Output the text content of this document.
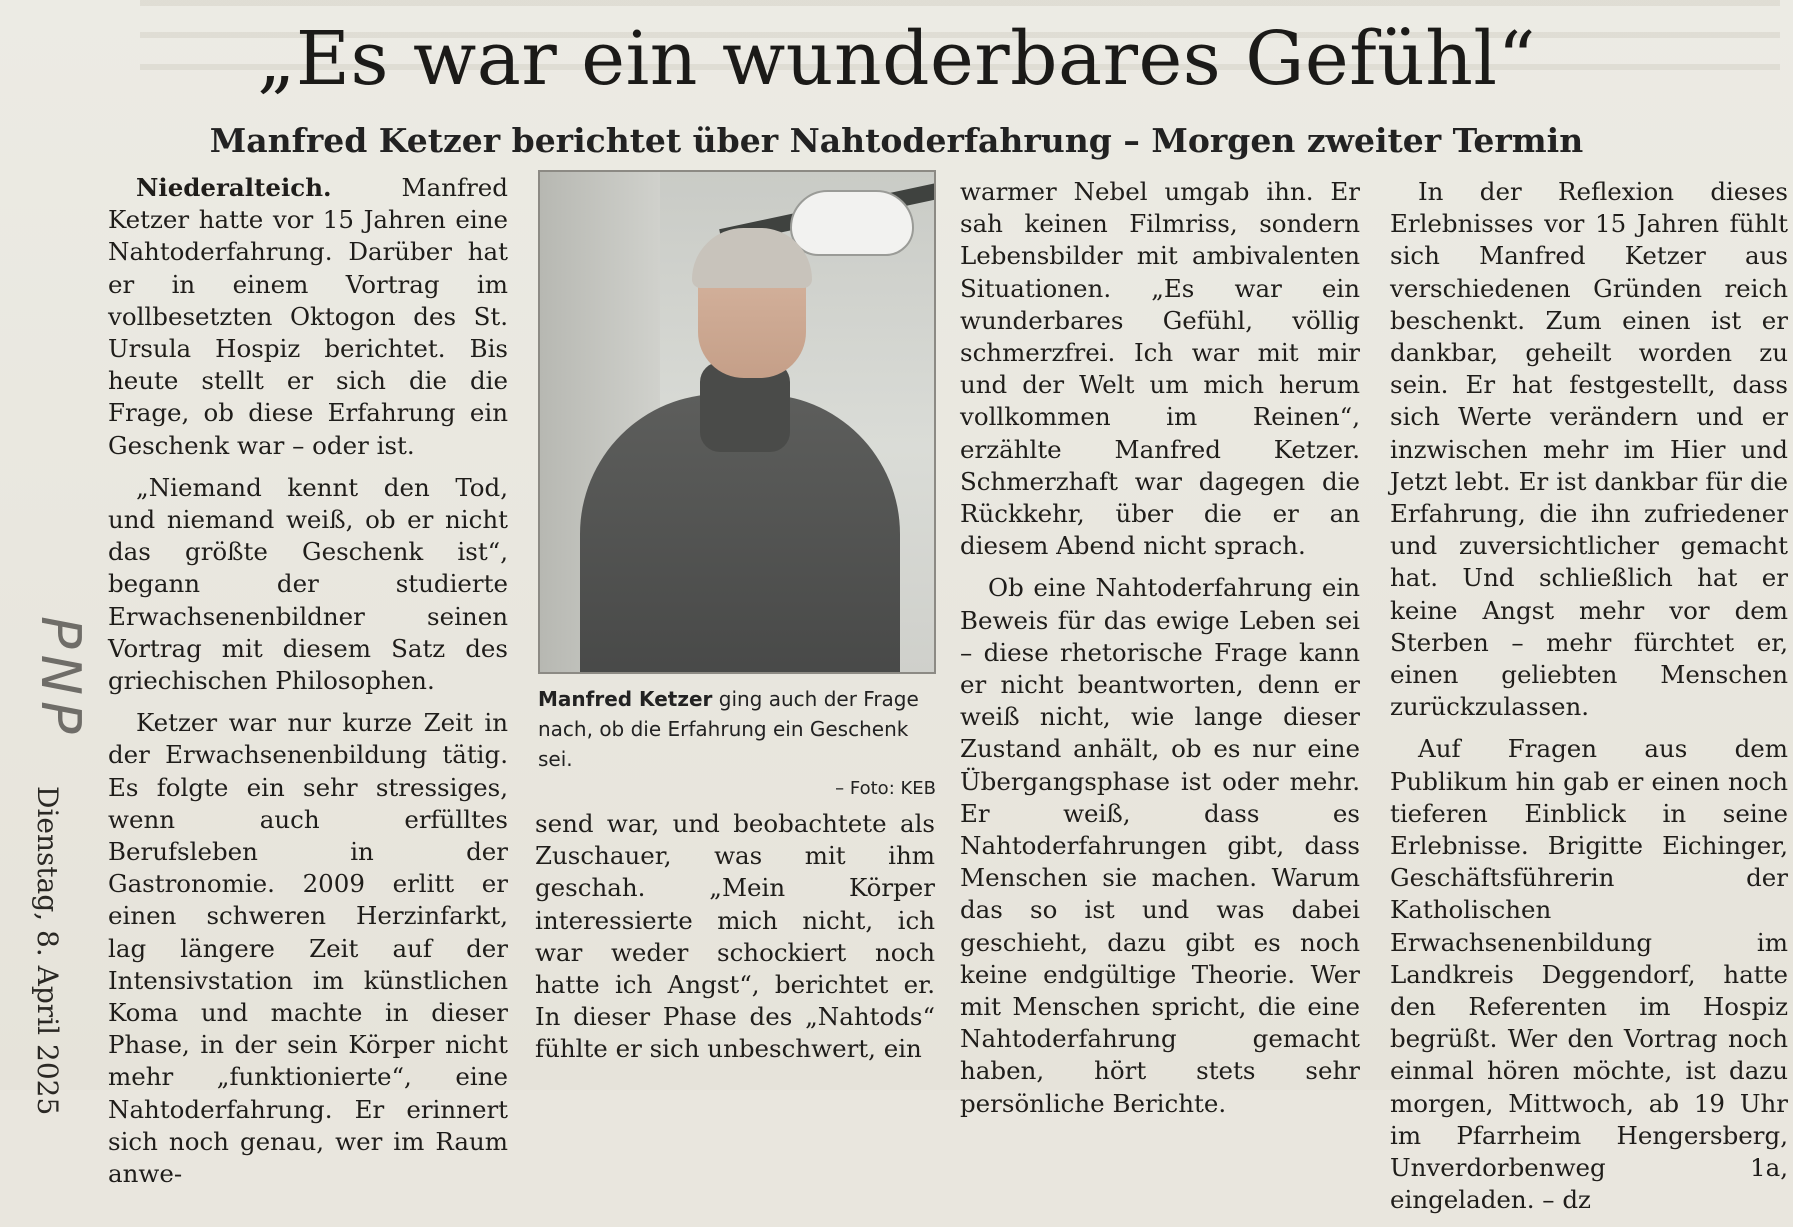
„Es war ein wunderbares Gefühl“
Manfred Ketzer berichtet über Nahtoderfahrung – Morgen zweiter Termin

Niederalteich. Manfred Ketzer hatte vor 15 Jahren eine Nahtoderfahrung. Darüber hat er in einem Vortrag im vollbesetzten Oktogon des St. Ursula Hospiz berichtet. Bis heute stellt er sich die die Frage, ob diese Erfahrung ein Geschenk war – oder ist.

„Niemand kennt den Tod, und niemand weiß, ob er nicht das größte Geschenk ist“, begann der studierte Erwachsenenbildner seinen Vortrag mit diesem Satz des griechischen Philosophen.

Ketzer war nur kurze Zeit in der Erwachsenenbildung tätig. Es folgte ein sehr stressiges, wenn auch erfülltes Berufsleben in der Gastronomie. 2009 erlitt er einen schweren Herzinfarkt, lag längere Zeit auf der Intensivstation im künstlichen Koma und machte in dieser Phase, in der sein Körper nicht mehr „funktionierte“, eine Nahtoderfahrung. Er erinnert sich noch genau, wer im Raum anwe-

Manfred Ketzer ging auch der Frage nach, ob die Erfahrung ein Geschenk sei.
– Foto: KEB

send war, und beobachtete als Zuschauer, was mit ihm geschah. „Mein Körper interessierte mich nicht, ich war weder schockiert noch hatte ich Angst“, berichtet er. In dieser Phase des „Nahtods“ fühlte er sich unbeschwert, ein

warmer Nebel umgab ihn. Er sah keinen Filmriss, sondern Lebensbilder mit ambivalenten Situationen. „Es war ein wunderbares Gefühl, völlig schmerzfrei. Ich war mit mir und der Welt um mich herum vollkommen im Reinen“, erzählte Manfred Ketzer. Schmerzhaft war dagegen die Rückkehr, über die er an diesem Abend nicht sprach.

Ob eine Nahtoderfahrung ein Beweis für das ewige Leben sei – diese rhetorische Frage kann er nicht beantworten, denn er weiß nicht, wie lange dieser Zustand anhält, ob es nur eine Übergangsphase ist oder mehr. Er weiß, dass es Nahtoderfahrungen gibt, dass Menschen sie machen. Warum das so ist und was dabei geschieht, dazu gibt es noch keine endgültige Theorie. Wer mit Menschen spricht, die eine Nahtoderfahrung gemacht haben, hört stets sehr persönliche Berichte.

In der Reflexion dieses Erlebnisses vor 15 Jahren fühlt sich Manfred Ketzer aus verschiedenen Gründen reich beschenkt. Zum einen ist er dankbar, geheilt worden zu sein. Er hat festgestellt, dass sich Werte verändern und er inzwischen mehr im Hier und Jetzt lebt. Er ist dankbar für die Erfahrung, die ihn zufriedener und zuversichtlicher gemacht hat. Und schließlich hat er keine Angst mehr vor dem Sterben – mehr fürchtet er, einen geliebten Menschen zurückzulassen.

Auf Fragen aus dem Publikum hin gab er einen noch tieferen Einblick in seine Erlebnisse. Brigitte Eichinger, Geschäftsführerin der Katholischen Erwachsenenbildung im Landkreis Deggendorf, hatte den Referenten im Hospiz begrüßt. Wer den Vortrag noch einmal hören möchte, ist dazu morgen, Mittwoch, ab 19 Uhr im Pfarrheim Hengersberg, Unverdorbenweg 1a, eingeladen. – dz

PNP
Dienstag, 8. April 2025
